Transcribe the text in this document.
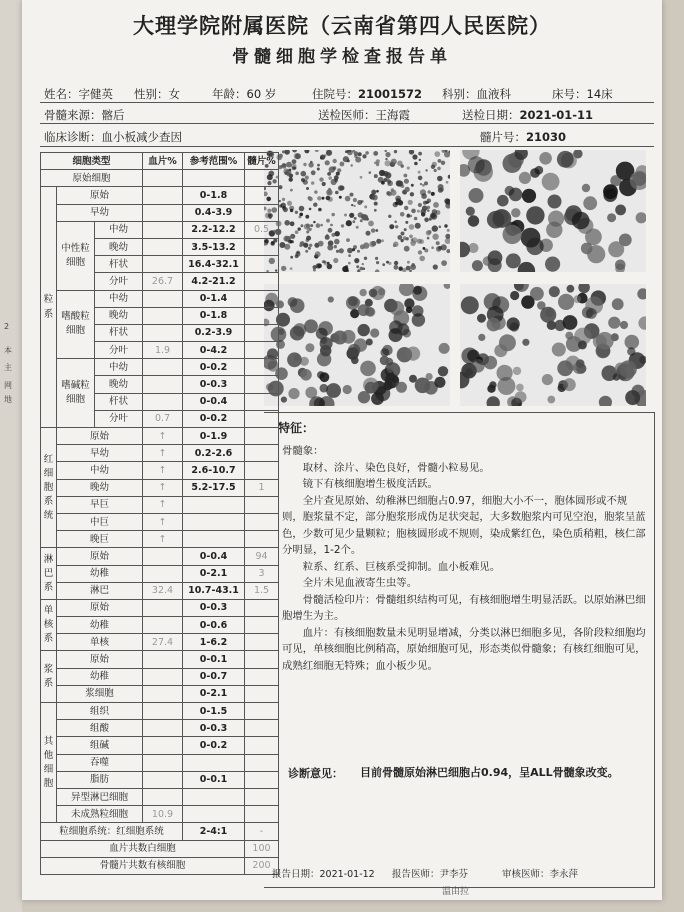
2
本
主
网
地
大理学院附属医院（云南省第四人民医院）
骨髓细胞学检查报告单
姓名：字健英 性别：女	年龄：60 岁	住院号：21001572 科别：血液科	床号：14床
骨髓来源：髂后	送检医师：王海霞	送检日期：2021-01-11
临床诊断：血小板减少查因	髓片号：21030
特征：

骨髓象：

取材、涂片、染色良好，骨髓小粒易见。

镜下有核细胞增生极度活跃。

全片查见原始、幼稚淋巴细胞占0.97，细胞大小不一，胞体圆形或不规则，胞浆量不定，部分胞浆形成伪足状突起，大多数胞浆内可见空泡，胞浆呈蓝色，少数可见少量颗粒；胞核圆形或不规则，染成紫红色，染色质稍粗，核仁部分明显，1-2个。

粒系、红系、巨核系受抑制。血小板难见。

全片未见血液寄生虫等。

骨髓活检印片：骨髓组织结构可见，有核细胞增生明显活跃。以原始淋巴细胞增生为主。

血片：有核细胞数量未见明显增减，分类以淋巴细胞多见，各阶段粒细胞均可见，单核细胞比例稍高，原始细胞可见，形态类似骨髓象；有核红细胞可见，成熟红细胞无特殊；血小板少见。

诊断意见： 目前骨髓原始淋巴细胞占0.94，呈ALL骨髓象改变。
细胞类型			血片%	参考范围%	髓片%
原始细胞					
粒系	原始			0-1.8	
	早幼			0.4-3.9	
	中性粒细胞	中幼		2.2-12.2	0.5
		晚幼		3.5-13.2	
		杆状		16.4-32.1	
		分叶	26.7	4.2-21.2	
	嗜酸粒细胞	中幼		0-1.4	
		晚幼		0-1.8	
		杆状		0.2-3.9	
		分叶	1.9	0-4.2	
	嗜碱粒细胞	中幼		0-0.2	
		晚幼		0-0.3	
		杆状		0-0.4	
		分叶	0.7	0-0.2	
红细胞系统	原始		↑	0-1.9	
	早幼		↑	0.2-2.6	
	中幼		↑	2.6-10.7	
	晚幼		↑	5.2-17.5	1
	早巨		↑		
	中巨		↑		
	晚巨		↑		
淋巴系	原始			0-0.4	94
	幼稚			0-2.1	3
	淋巴		32.4	10.7-43.1	1.5
单核系	原始			0-0.3	
	幼稚			0-0.6	
	单核		27.4	1-6.2	
浆系	原始			0-0.1	
	幼稚			0-0.7	
	浆细胞			0-2.1	
其他细胞	组织			0-1.5	
	组酸			0-0.3	
	组碱			0-0.2	
	吞噬				
	脂肪			0-0.1	
	异型淋巴细胞				
	未成熟粒细胞		10.9		
粒细胞系统：红细胞系统				2-4:1	-
血片共数白细胞					100
骨髓片共数有核细胞					200
报告日期：2021-01-12 报告医师：尹李芬	审核医师：李永萍
温由拉
